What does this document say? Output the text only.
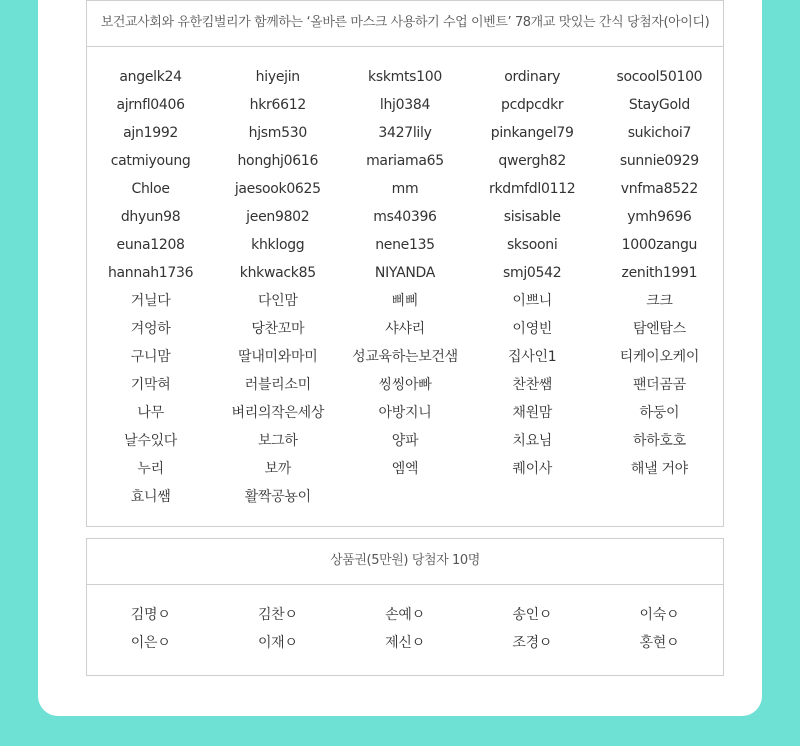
보건교사회와 유한킴벌리가 함께하는 ‘올바른 마스크 사용하기 수업 이벤트’ 78개교 맛있는 간식 당첨자(아이디)
angelk24	hiyejin	kskmts100	ordinary	socool50100
ajrnfl0406	hkr6612	lhj0384	pcdpcdkr	StayGold
ajn1992	hjsm530	3427lily	pinkangel79	sukichoi7
catmiyoung	honghj0616	mariama65	qwergh82	sunnie0929
Chloe	jaesook0625	mm	rkdmfdl0112	vnfma8522
dhyun98	jeen9802	ms40396	sisisable	ymh9696
euna1208	khklogg	nene135	sksooni	1000zangu
hannah1736	khkwack85	NIYANDA	smj0542	zenith1991
거닐다	다인맘	삐삐	이쁘니	크크
겨엉하	당찬꼬마	샤샤리	이영빈	탐엔탐스
구니맘	딸내미와마미	성교육하는보건샘	집사인1	티케이오케이
기막혀	러블리소미	씽씽아빠	찬찬쌤	팬더곰곰
나무	벼리의작은세상	아방지니	채원맘	하둥이
날수있다	보그하	양파	치요님	하하호호
누리	보까	엠엑	퀘이사	해낼 거야
효니쌤	활짝공뇽이
상품권(5만원) 당첨자 10명
김명ㅇ	김찬ㅇ	손예ㅇ	송인ㅇ	이숙ㅇ
이은ㅇ	이재ㅇ	제신ㅇ	조경ㅇ	홍현ㅇ
